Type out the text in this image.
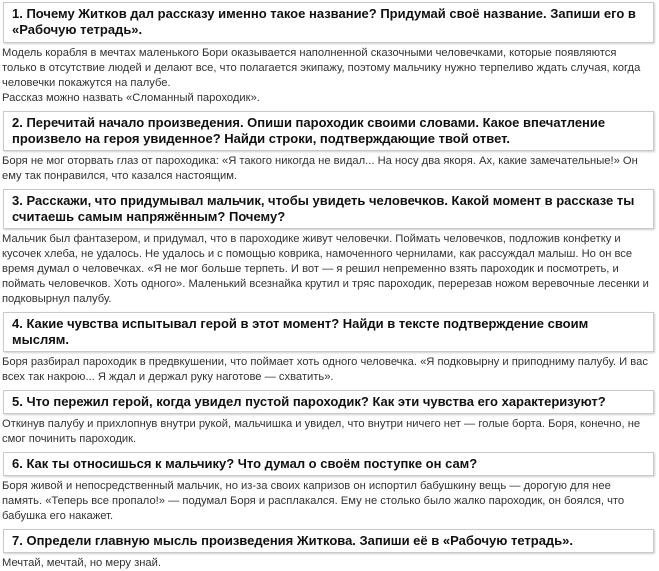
1. Почему Житков дал рассказу именно такое название? Придумай своё название. Запиши его в «Рабочую тетрадь».

Модель корабля в мечтах маленького Бори оказывается наполненной сказочными человечками, которые появляются только в отсутствие людей и делают все, что полагается экипажу, поэтому мальчику нужно терпеливо ждать случая, когда человечки покажутся на палубе.

Рассказ можно назвать «Сломанный пароходик».

2. Перечитай начало произведения. Опиши пароходик своими словами. Какое впечатление произвело на героя увиденное? Найди строки, подтверждающие твой ответ.

Боря не мог оторвать глаз от пароходика: «Я такого никогда не видал... На носу два якоря. Ах, какие замечательные!» Он ему так понравился, что казался настоящим.

3. Расскажи, что придумывал мальчик, чтобы увидеть человечков. Какой момент в рассказе ты считаешь самым напряжённым? Почему?

Мальчик был фантазером, и придумал, что в пароходике живут человечки. Поймать человечков, подложив конфетку и кусочек хлеба, не удалось. Не удалось и с помощью коврика, намоченного чернилами, как рассуждал малыш. Но он все время думал о человечках. «Я не мог больше терпеть. И вот — я решил непременно взять пароходик и посмотреть, и поймать человечков. Хоть одного». Маленький всезнайка крутил и тряс пароходик, перерезав ножом веревочные лесенки и подковырнул палубу.

4. Какие чувства испытывал герой в этот момент? Найди в тексте подтверждение своим мыслям.

Боря разбирал пароходик в предвкушении, что поймает хоть одного человечка. «Я подковырну и приподниму палубу. И вас всех так накрою... Я ждал и держал руку наготове — схватить».

5. Что пережил герой, когда увидел пустой пароходик? Как эти чувства его характеризуют?

Откинув палубу и прихлопнув внутри рукой, мальчишка и увидел, что внутри ничего нет — голые борта. Боря, конечно, не смог починить пароходик.

6. Как ты относишься к мальчику? Что думал о своём поступке он сам?

Боря живой и непосредственный мальчик, но из-за своих капризов он испортил бабушкину вещь — дорогую для нее память. «Теперь все пропало!» — подумал Боря и расплакался. Ему не столько было жалко пароходик, он боялся, что бабушка его накажет.

7. Определи главную мысль произведения Житкова. Запиши её в «Рабочую тетрадь».

Мечтай, мечтай, но меру знай.
